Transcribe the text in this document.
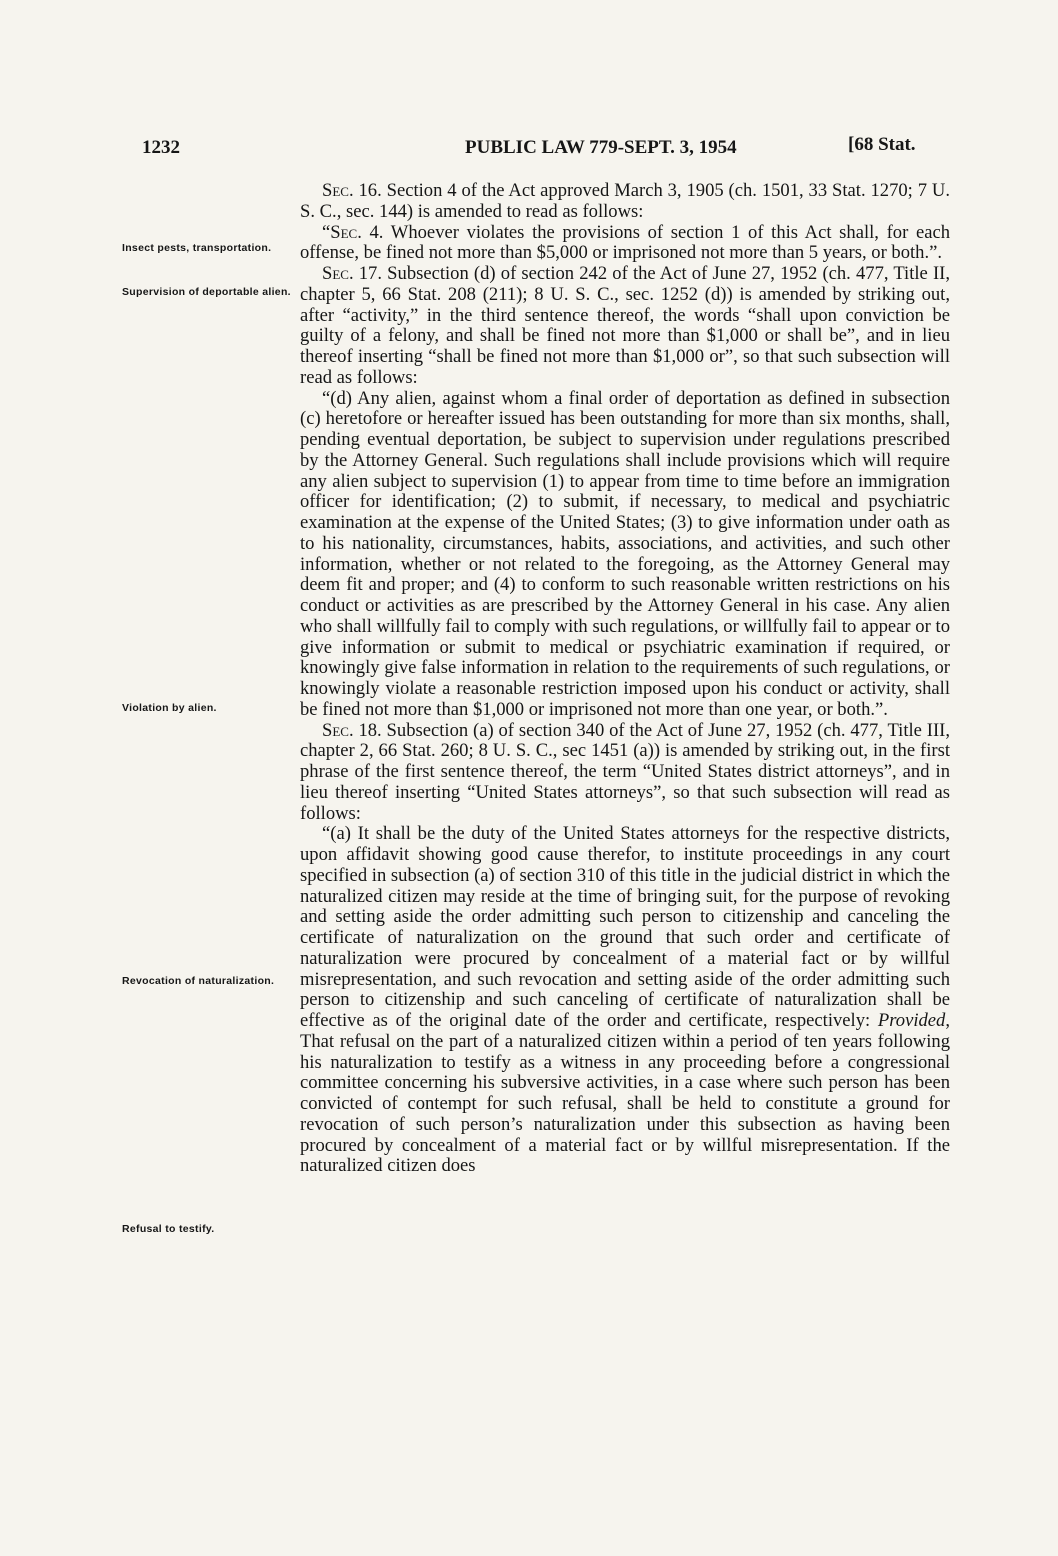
1232	PUBLIC LAW 779-SEPT. 3, 1954	[68 Stat.
Insect pests, transportation.
Supervision of deportable alien.
Violation by alien.
Revocation of naturalization.
Refusal to testify.

Sec. 16. Section 4 of the Act approved March 3, 1905 (ch. 1501, 33 Stat. 1270; 7 U. S. C., sec. 144) is amended to read as follows:

“Sec. 4. Whoever violates the provisions of section 1 of this Act shall, for each offense, be fined not more than $5,000 or imprisoned not more than 5 years, or both.”.

Sec. 17. Subsection (d) of section 242 of the Act of June 27, 1952 (ch. 477, Title II, chapter 5, 66 Stat. 208 (211); 8 U. S. C., sec. 1252 (d)) is amended by striking out, after “activity,” in the third sentence thereof, the words “shall upon conviction be guilty of a felony, and shall be fined not more than $1,000 or shall be”, and in lieu thereof inserting “shall be fined not more than $1,000 or”, so that such subsection will read as follows:

“(d) Any alien, against whom a final order of deportation as defined in subsection (c) heretofore or hereafter issued has been outstanding for more than six months, shall, pending eventual deportation, be subject to supervision under regulations prescribed by the Attorney General. Such regulations shall include provisions which will require any alien subject to supervision (1) to appear from time to time before an immigration officer for identification; (2) to submit, if necessary, to medical and psychiatric examination at the expense of the United States; (3) to give information under oath as to his nationality, circumstances, habits, associations, and activities, and such other information, whether or not related to the foregoing, as the Attorney General may deem fit and proper; and (4) to conform to such reasonable written restrictions on his conduct or activities as are prescribed by the Attorney General in his case. Any alien who shall willfully fail to comply with such regulations, or willfully fail to appear or to give information or submit to medical or psychiatric examination if required, or knowingly give false information in relation to the requirements of such regulations, or knowingly violate a reasonable restriction imposed upon his conduct or activity, shall be fined not more than $1,000 or imprisoned not more than one year, or both.”.

Sec. 18. Subsection (a) of section 340 of the Act of June 27, 1952 (ch. 477, Title III, chapter 2, 66 Stat. 260; 8 U. S. C., sec 1451 (a)) is amended by striking out, in the first phrase of the first sentence thereof, the term “United States district attorneys”, and in lieu thereof inserting “United States attorneys”, so that such subsection will read as follows:

“(a) It shall be the duty of the United States attorneys for the respective districts, upon affidavit showing good cause therefor, to institute proceedings in any court specified in subsection (a) of section 310 of this title in the judicial district in which the naturalized citizen may reside at the time of bringing suit, for the purpose of revoking and setting aside the order admitting such person to citizenship and canceling the certificate of naturalization on the ground that such order and certificate of naturalization were procured by concealment of a material fact or by willful misrepresentation, and such revocation and setting aside of the order admitting such person to citizenship and such canceling of certificate of naturalization shall be effective as of the original date of the order and certificate, respectively: Provided, That refusal on the part of a naturalized citizen within a period of ten years following his naturalization to testify as a witness in any proceeding before a congressional committee concerning his subversive activities, in a case where such person has been convicted of contempt for such refusal, shall be held to constitute a ground for revocation of such person’s naturalization under this subsection as having been procured by concealment of a material fact or by willful misrepresentation. If the naturalized citizen does
